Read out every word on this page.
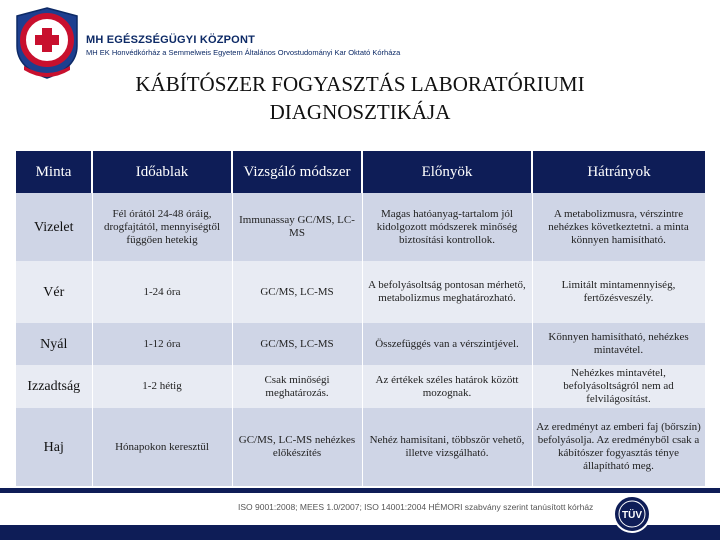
MH EGÉSZSÉGÜGYI KÖZPONT
MH EK Honvédkórház a Semmelweis Egyetem Általános Orvostudományi Kar Oktató Kórháza
KÁBÍTÓSZER FOGYASZTÁS LABORATÓRIUMI
DIAGNOSZTIKÁJA
Minta	Időablak	Vizsgáló módszer	Előnyök	Hátrányok
Vizelet	Fél órától 24-48 óráig, drogfajtától, mennyiségtől függően hetekig	Immunassay GC/MS, LC-MS	Magas hatóanyag-tartalom jól kidolgozott módszerek minőség biztosítási kontrollok.	A metabolizmusra, vérszintre nehézkes következtetni. a minta könnyen hamisítható.
Vér	1-24 óra	GC/MS, LC-MS	A befolyásoltság pontosan mérhető, metabolizmus meghatározható.	Limitált mintamennyiség, fertőzésveszély.
Nyál	1-12 óra	GC/MS, LC-MS	Összefüggés van a vérszintjével.	Könnyen hamisítható, nehézkes mintavétel.
Izzadtság	1-2 hétig	Csak minőségi meghatározás.	Az értékek széles határok között mozognak.	Nehézkes mintavétel, befolyásoltságról nem ad felvilágosítást.
Haj	Hónapokon keresztül	GC/MS, LC-MS nehézkes előkészítés	Nehéz hamisítani, többször vehető, illetve vizsgálható.	Az eredményt az emberi faj (bőrszín) befolyásolja. Az eredményből csak a kábítószer fogyasztás ténye állapítható meg.
ISO 9001:2008; MEES 1.0/2007; ISO 14001:2004 HÉMORI szabvány szerint tanúsított kórház
TÜV
